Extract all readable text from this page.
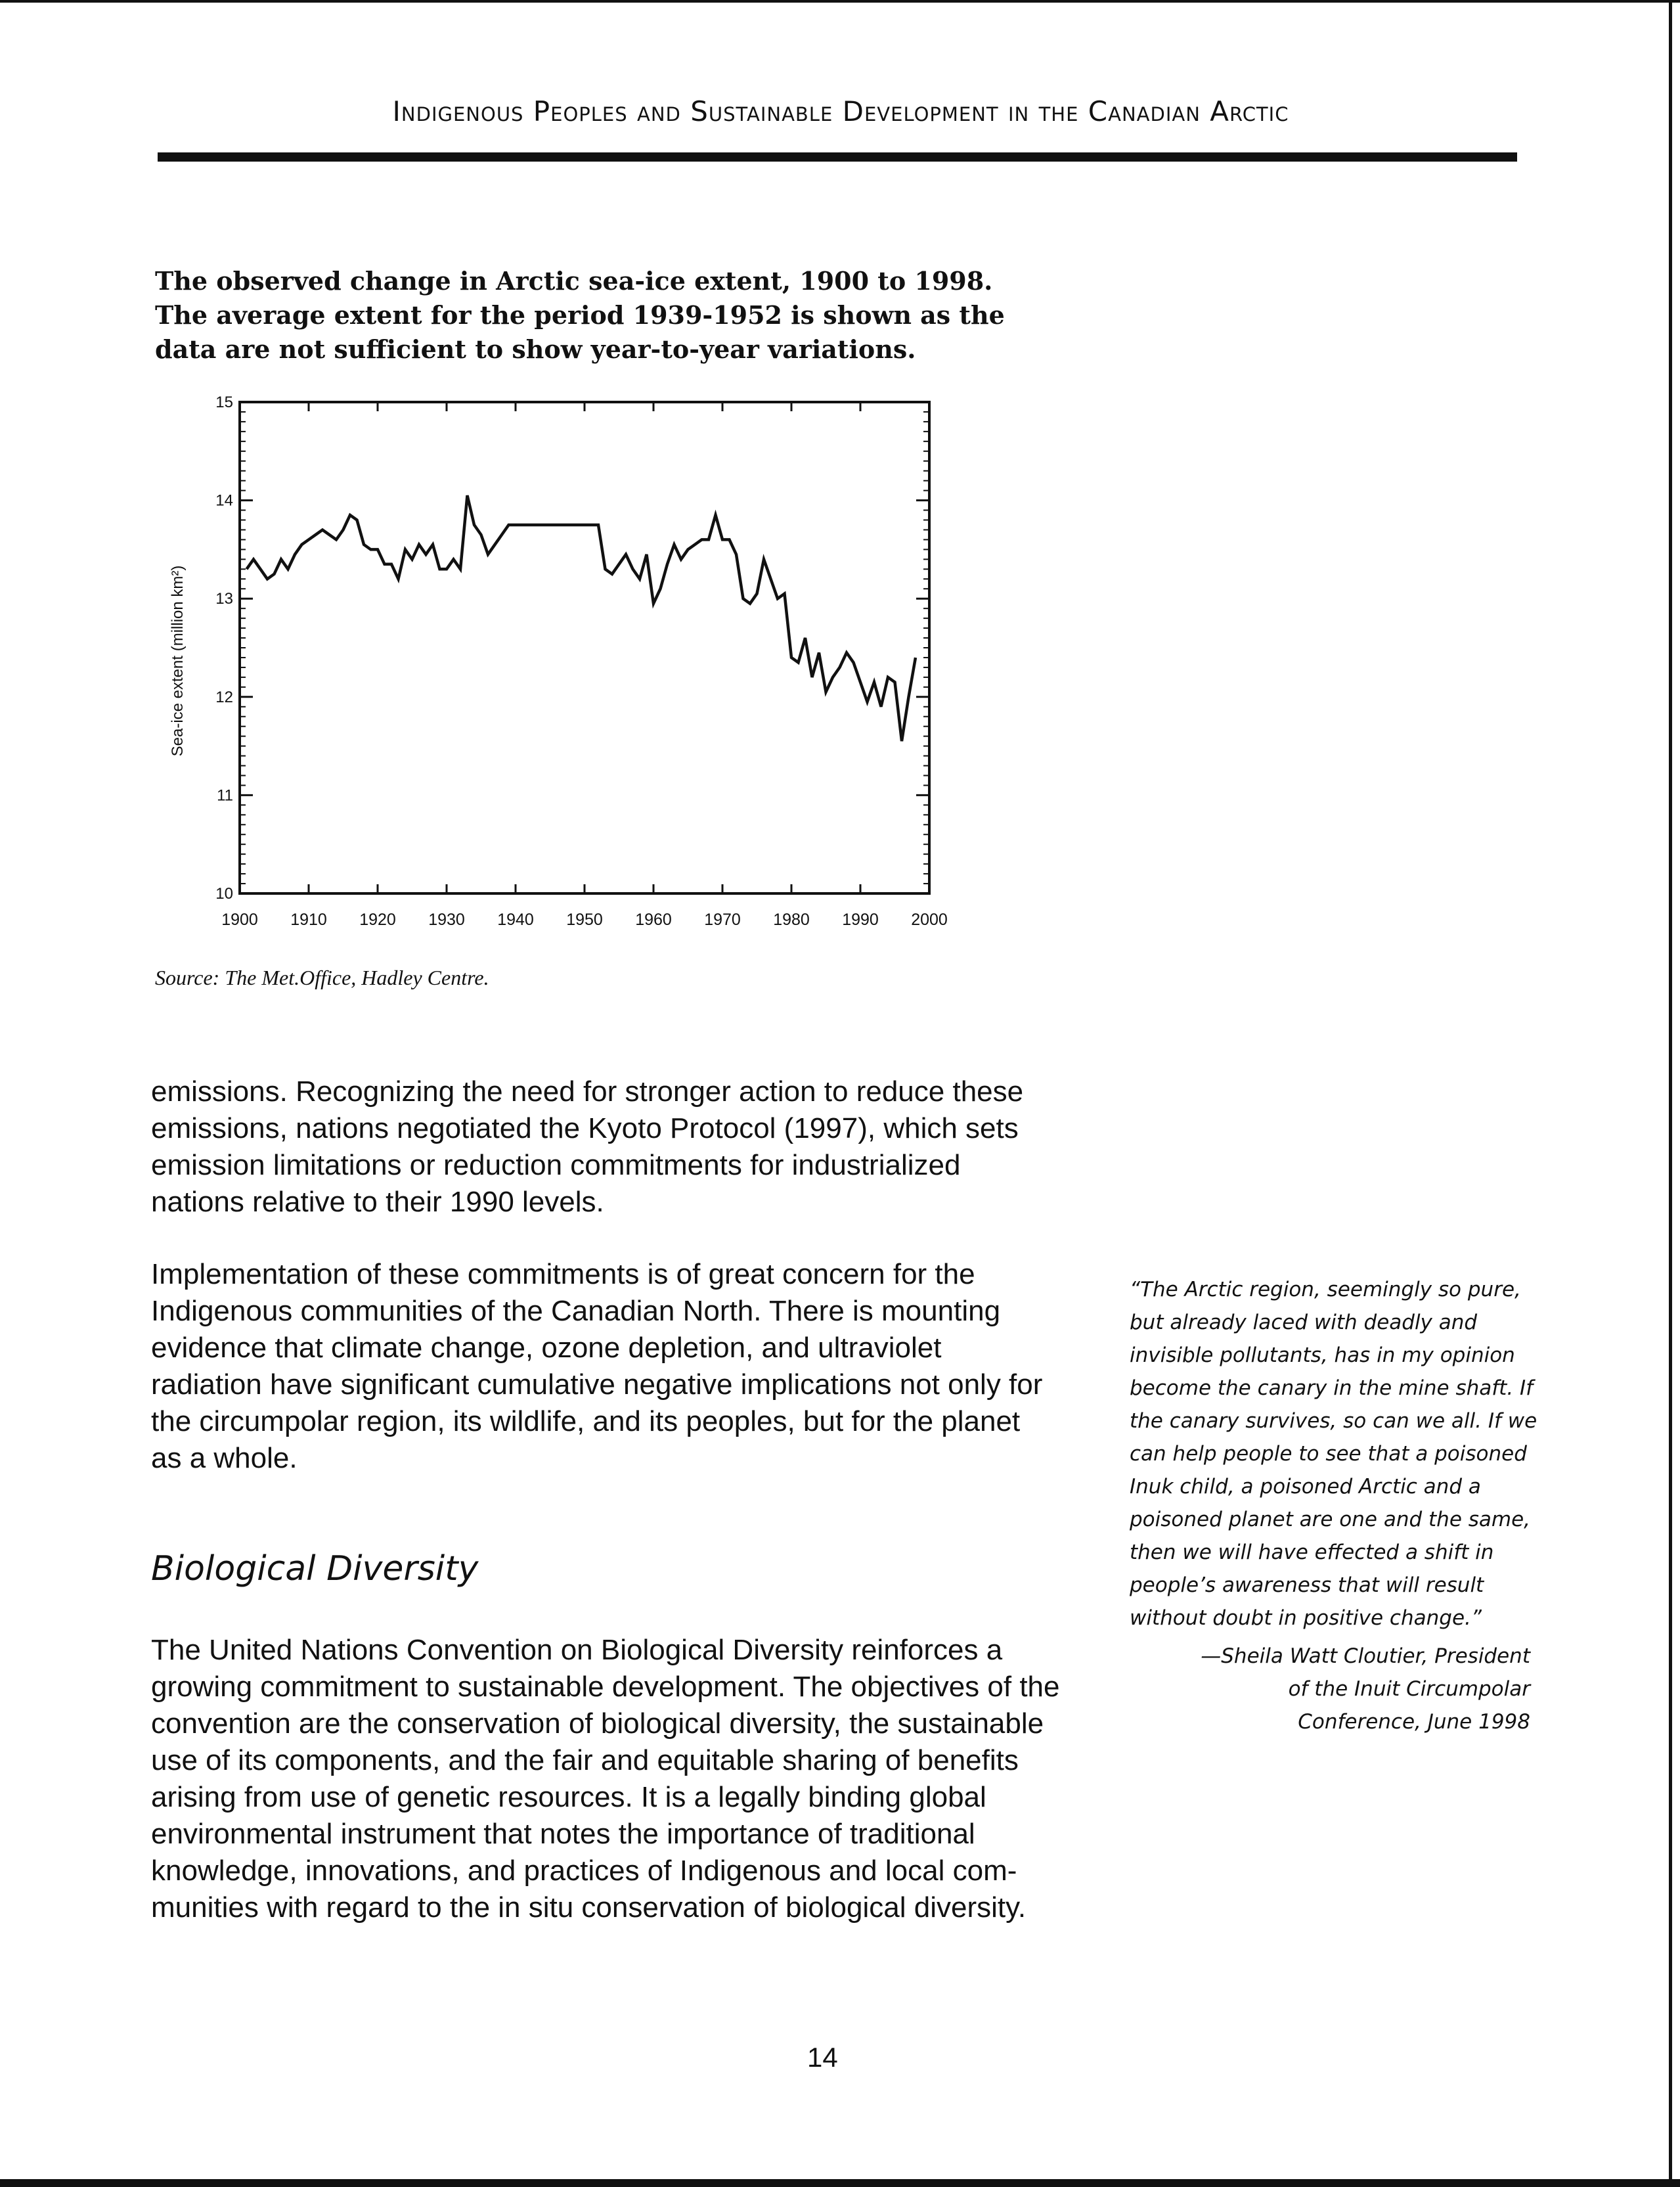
Indigenous Peoples and Sustainable Development in the Canadian Arctic
The observed change in Arctic sea-ice extent, 1900 to 1998.
The average extent for the period 1939-1952 is shown as the
data are not sufficient to show year-to-year variations.
1900 1910 1920 1930 1940 1950 1960 1970 1980 1990 2000
10
11
12
13
14
15
Sea-ice extent (million km²)
Source: The Met.Office, Hadley Centre.
emissions. Recognizing the need for stronger action to reduce these
emissions, nations negotiated the Kyoto Protocol (1997), which sets
emission limitations or reduction commitments for industrialized
nations relative to their 1990 levels.
Implementation of these commitments is of great concern for the
Indigenous communities of the Canadian North. There is mounting
evidence that climate change, ozone depletion, and ultraviolet
radiation have significant cumulative negative implications not only for
the circumpolar region, its wildlife, and its peoples, but for the planet
as a whole.
Biological Diversity
The United Nations Convention on Biological Diversity reinforces a
growing commitment to sustainable development. The objectives of the
convention are the conservation of biological diversity, the sustainable
use of its components, and the fair and equitable sharing of benefits
arising from use of genetic resources. It is a legally binding global
environmental instrument that notes the importance of traditional
knowledge, innovations, and practices of Indigenous and local com-
munities with regard to the in situ conservation of biological diversity.
“The Arctic region, seemingly so pure,
but already laced with deadly and
invisible pollutants, has in my opinion
become the canary in the mine shaft. If
the canary survives, so can we all. If we
can help people to see that a poisoned
Inuk child, a poisoned Arctic and a
poisoned planet are one and the same,
then we will have effected a shift in
people’s awareness that will result
without doubt in positive change.”
—Sheila Watt Cloutier, President
of the Inuit Circumpolar
Conference, June 1998
14
